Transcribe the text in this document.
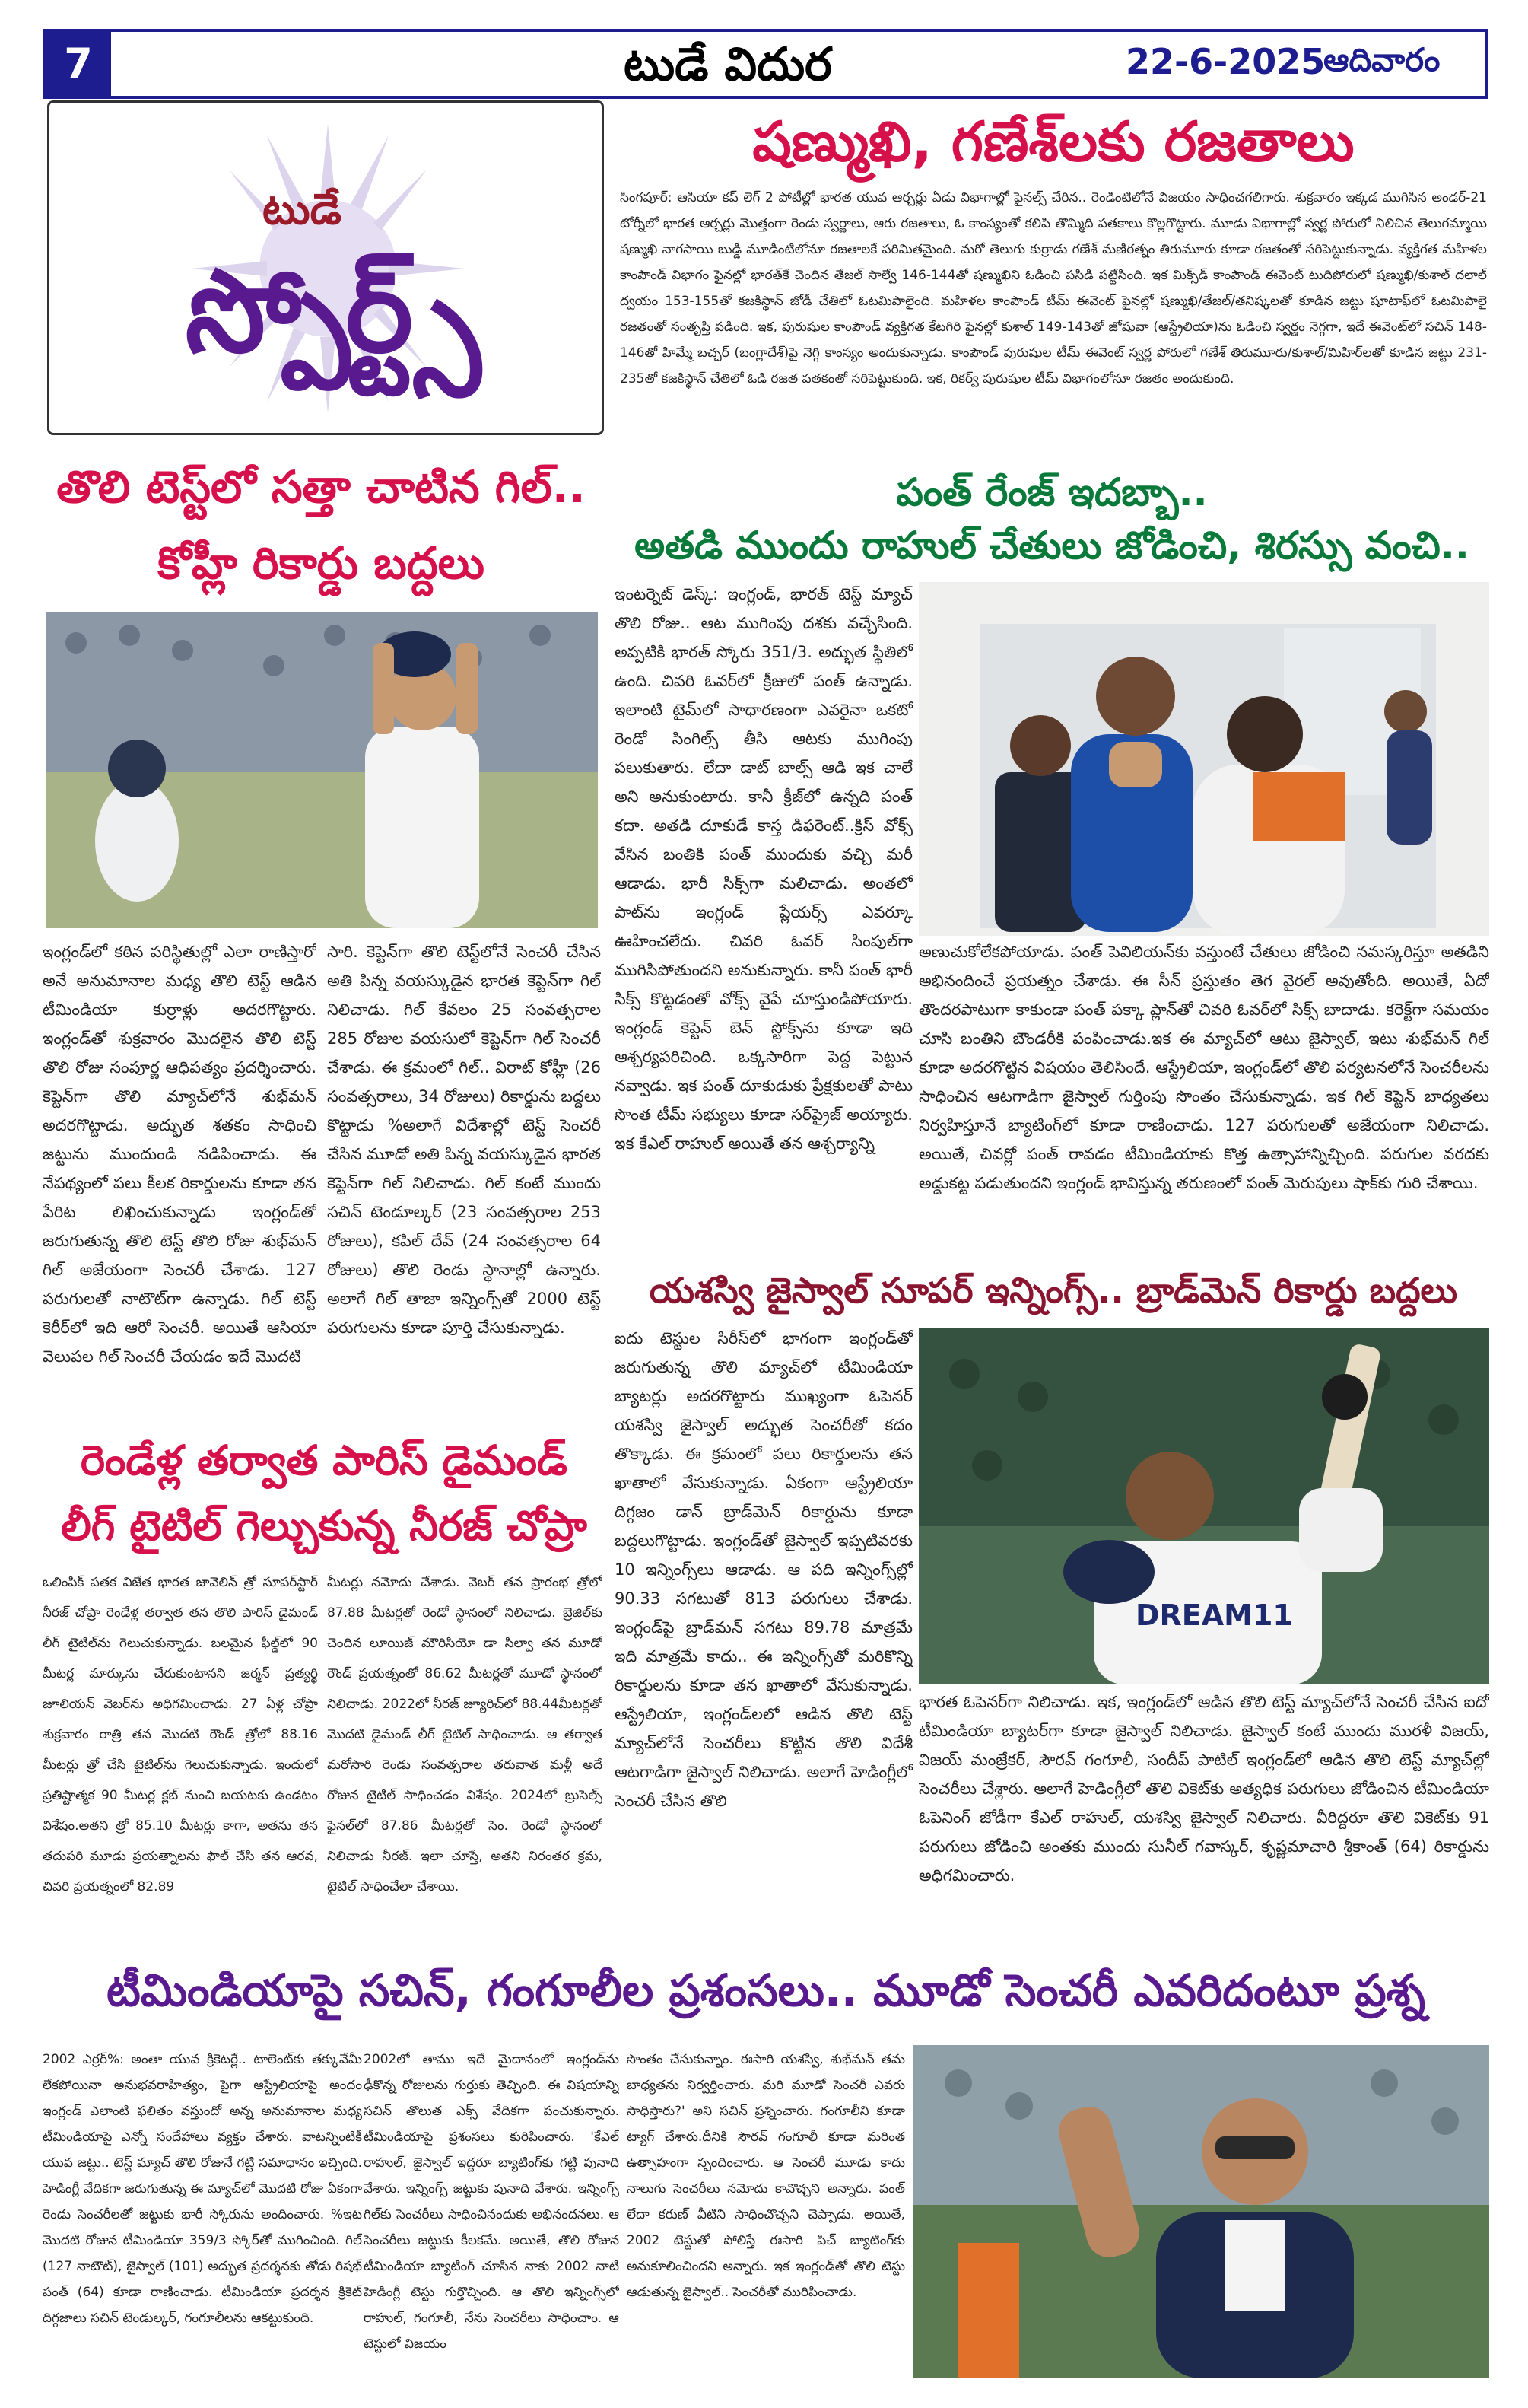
7	టుడే విదుర	22-6-2025
ఆదివారం
టుడే
స్పోర్ట్స్
షణ్ముఖి, గణేశ్‌లకు రజతాలు
సింగపూర్: ఆసియా కప్ లెగ్ 2 పోటీల్లో భారత యువ ఆర్చర్లు ఏడు విభాగాల్లో ఫైనల్స్ చేరిన.. రెండింటిలోనే విజయం సాధించగలిగారు. శుక్రవారం ఇక్కడ ముగిసిన అండర్-21 టోర్నీలో భారత ఆర్చర్లు మొత్తంగా రెండు స్వర్ణాలు, ఆరు రజతాలు, ఓ కాంస్యంతో కలిపి తొమ్మిది పతకాలు కొల్లగొట్టారు. మూడు విభాగాల్లో స్వర్ణ పోరులో నిలిచిన తెలుగమ్మాయి షణ్ముఖి నాగసాయి బుడ్డి మూడింటిలోనూ రజతాలకే పరిమితమైంది. మరో తెలుగు కుర్రాడు గణేశ్ మణిరత్నం తిరుమూరు కూడా రజతంతో సరిపెట్టుకున్నాడు. వ్యక్తిగత మహిళల కాంపౌండ్ విభాగం ఫైనల్లో భారత్‌కే చెందిన తేజల్ సాల్వే 146-144తో షణ్ముఖిని ఓడించి పసిడి పట్టేసింది. ఇక మిక్స్‌డ్ కాంపౌండ్ ఈవెంట్ టుదిపోరులో షణ్ముఖి/కుశాల్ దలాల్ ద్వయం 153-155తో కజకిస్థాన్ జోడీ చేతిలో ఓటమిపాలైంది. మహిళల కాంపౌండ్ టీమ్ ఈవెంట్ ఫైనల్లో షణ్ముఖి/తేజల్/తనిష్కలతో కూడిన జట్టు షూటాఫ్‌లో ఓటమిపాలై రజతంతో సంతృప్తి పడింది. ఇక, పురుషుల కాంపౌండ్ వ్యక్తిగత కేటగిరి ఫైనల్లో కుశాల్ 149-143తో జోషువా (ఆస్ట్రేలియా)ను ఓడించి స్వర్ణం నెగ్గగా, ఇదే ఈవెంట్‌లో సచిన్ 148-146తో హిమ్మే బచ్చర్ (బంగ్లాదేశ్)పై నెగ్గి కాంస్యం అందుకున్నాడు. కాంపౌండ్ పురుషుల టీమ్ ఈవెంట్ స్వర్ణ పోరులో గణేశ్ తిరుమూరు/కుశాల్/మిహిర్‌లతో కూడిన జట్టు 231-235తో కజకిస్థాన్ చేతిలో ఓడి రజత పతకంతో సరిపెట్టుకుంది. ఇక, రికర్వ్ పురుషుల టీమ్ విభాగంలోనూ రజతం అందుకుంది.
తొలి టెస్ట్‌లో సత్తా చాటిన గిల్..
కోహ్లీ రికార్డు బద్దలు
ఇంగ్లండ్‌లో కఠిన పరిస్థితుల్లో ఎలా రాణిస్తారో అనే అనుమానాల మధ్య తొలి టెస్ట్ ఆడిన టీమిండియా కుర్రాళ్లు అదరగొట్టారు. ఇంగ్లండ్‌తో శుక్రవారం మొదలైన తొలి టెస్ట్ తొలి రోజు సంపూర్ణ ఆధిపత్యం ప్రదర్శించారు. కెప్టెన్‌గా తొలి మ్యాచ్‌లోనే శుభ్‌మన్ అదరగొట్టాడు. అద్భుత శతకం సాధించి జట్టును ముందుండి నడిపించాడు. ఈ నేపథ్యంలో పలు కీలక రికార్డులను కూడా తన పేరిట లిఖించుకున్నాడు ఇంగ్లండ్‌తో జరుగుతున్న తొలి టెస్ట్ తొలి రోజు శుభ్‌మన్ గిల్ అజేయంగా సెంచరీ చేశాడు. 127 పరుగులతో నాటౌట్‌గా ఉన్నాడు. గిల్ టెస్ట్ కెరీర్‌లో ఇది ఆరో సెంచరీ. అయితే ఆసియా వెలుపల గిల్ సెంచరీ చేయడం ఇదే మొదటి
సారి. కెప్టెన్‌గా తొలి టెస్ట్‌లోనే సెంచరీ చేసిన అతి పిన్న వయస్కుడైన భారత కెప్టెన్‌గా గిల్ నిలిచాడు. గిల్ కేవలం 25 సంవత్సరాల 285 రోజుల వయసులో కెప్టెన్‌గా గిల్ సెంచరీ చేశాడు. ఈ క్రమంలో గిల్.. విరాట్ కోహ్లీ (26 సంవత్సరాలు, 34 రోజులు) రికార్డును బద్దలు కొట్టాడు %అలాగే విదేశాల్లో టెస్ట్ సెంచరీ చేసిన మూడో అతి పిన్న వయస్కుడైన భారత కెప్టెన్‌గా గిల్ నిలిచాడు. గిల్ కంటే ముందు సచిన్ టెండూల్కర్ (23 సంవత్సరాల 253 రోజులు), కపిల్ దేవ్ (24 సంవత్సరాల 64 రోజులు) తొలి రెండు స్థానాల్లో ఉన్నారు. అలాగే గిల్ తాజా ఇన్నింగ్స్‌తో 2000 టెస్ట్ పరుగులను కూడా పూర్తి చేసుకున్నాడు.
పంత్ రేంజ్ ఇదబ్బా..
అతడి ముందు రాహుల్ చేతులు జోడించి, శిరస్సు వంచి..
ఇంటర్నెట్ డెస్క్: ఇంగ్లండ్, భారత్ టెస్ట్ మ్యాచ్ తొలి రోజు.. ఆట ముగింపు దశకు వచ్చేసింది. అప్పటికి భారత్ స్కోరు 351/3. అద్భుత స్థితిలో ఉంది. చివరి ఓవర్‌లో క్రీజులో పంత్ ఉన్నాడు. ఇలాంటి టైమ్‌లో సాధారణంగా ఎవరైనా ఒకటో రెండో సింగిల్స్ తీసి ఆటకు ముగింపు పలుకుతారు. లేదా డాట్ బాల్స్ ఆడి ఇక చాలే అని అనుకుంటారు. కానీ క్రీజ్‌లో ఉన్నది పంత్ కదా. అతడి దూకుడే కాస్త డిఫరెంట్..క్రిస్ వోక్స్ వేసిన బంతికి పంత్ ముందుకు వచ్చి మరీ ఆడాడు. భారీ సిక్స్‌గా మలిచాడు. అంతలో పాట్‌ను ఇంగ్లండ్ ప్లేయర్స్ ఎవర్కూ ఊహించలేదు. చివరి ఓవర్ సింపుల్‌గా ముగిసిపోతుందని అనుకున్నారు. కానీ పంత్ భారీ సిక్స్ కొట్టడంతో వోక్స్ వైపే చూస్తుండిపోయారు. ఇంగ్లండ్ కెప్టెన్ బెన్ స్టోక్స్‌ను కూడా ఇది ఆశ్చర్యపరిచింది. ఒక్కసారిగా పెద్ద పెట్టున నవ్వాడు. ఇక పంత్ దూకుడుకు ప్రేక్షకులతో పాటు సొంత టీమ్ సభ్యులు కూడా సర్‌ప్రైజ్ అయ్యారు. ఇక కేఎల్ రాహుల్ అయితే తన ఆశ్చర్యాన్ని
అణుచుకోలేకపోయాడు. పంత్ పెవిలియన్‌కు వస్తుంటే చేతులు జోడించి నమస్కరిస్తూ అతడిని అభినందించే ప్రయత్నం చేశాడు. ఈ సీన్ ప్రస్తుతం తెగ వైరల్ అవుతోంది. అయితే, ఏదో తొందరపాటుగా కాకుండా పంత్ పక్కా ప్లాన్‌తో చివరి ఓవర్‌లో సిక్స్ బాదాడు. కరెక్ట్‌గా సమయం చూసి బంతిని బౌండరీకి పంపించాడు.ఇక ఈ మ్యాచ్‌లో ఆటు జైస్వాల్, ఇటు శుభ్‌మన్ గిల్ కూడా అదరగొట్టిన విషయం తెలిసిందే. ఆస్ట్రేలియా, ఇంగ్లండ్‌లో తొలి పర్యటనలోనే సెంచరీలను సాధించిన ఆటగాడిగా జైస్వాల్ గుర్తింపు సొంతం చేసుకున్నాడు. ఇక గిల్ కెప్టెన్ బాధ్యతలు నిర్వహిస్తూనే బ్యాటింగ్‌లో కూడా రాణించాడు. 127 పరుగులతో అజేయంగా నిలిచాడు. అయితే, చివర్లో పంత్ రావడం టీమిండియాకు కొత్త ఉత్సాహాన్నిచ్చింది. పరుగుల వరదకు అడ్డుకట్ట పడుతుందని ఇంగ్లండ్ భావిస్తున్న తరుణంలో పంత్ మెరుపులు షాక్‌కు గురి చేశాయి.
యశస్వి జైస్వాల్ సూపర్ ఇన్నింగ్స్.. బ్రాడ్‌మెన్ రికార్డు బద్దలు
ఐదు టెస్టుల సిరీస్‌లో భాగంగా ఇంగ్లండ్‌తో జరుగుతున్న తొలి మ్యాచ్‌లో టీమిండియా బ్యాటర్లు అదరగొట్టారు ముఖ్యంగా ఓపెనర్ యశస్వి జైస్వాల్ అద్భుత సెంచరీతో కదం తొక్కాడు. ఈ క్రమంలో పలు రికార్డులను తన ఖాతాలో వేసుకున్నాడు. ఏకంగా ఆస్ట్రేలియా దిగ్గజం డాన్ బ్రాడ్‌మెన్ రికార్డును కూడా బద్దలుగొట్టాడు. ఇంగ్లండ్‌తో జైస్వాల్ ఇప్పటివరకు 10 ఇన్నింగ్స్‌లు ఆడాడు. ఆ పది ఇన్నింగ్స్‌ల్లో 90.33 సగటుతో 813 పరుగులు చేశాడు. ఇంగ్లండ్‌పై బ్రాడ్‌మన్ సగటు 89.78 మాత్రమే ఇది మాత్రమే కాదు.. ఈ ఇన్నింగ్స్‌తో మరికొన్ని రికార్డులను కూడా తన ఖాతాలో వేసుకున్నాడు. ఆస్ట్రేలియా, ఇంగ్లండ్‌లలో ఆడిన తొలి టెస్ట్ మ్యాచ్‌లోనే సెంచరీలు కొట్టిన తొలి విదేశీ ఆటగాడిగా జైస్వాల్ నిలిచాడు. అలాగే హెడింగ్లీలో సెంచరీ చేసిన తొలి
DREAM11
భారత ఓపెనర్‌గా నిలిచాడు. ఇక, ఇంగ్లండ్‌లో ఆడిన తొలి టెస్ట్ మ్యాచ్‌లోనే సెంచరీ చేసిన ఐదో టీమిండియా బ్యాటర్‌గా కూడా జైస్వాల్ నిలిచాడు. జైస్వాల్ కంటే ముందు మురళీ విజయ్, విజయ్ మంజ్రేకర్, సౌరవ్ గంగూలీ, సందీప్ పాటిల్ ఇంగ్లండ్‌లో ఆడిన తొలి టెస్ట్ మ్యాచ్‌ల్లో సెంచరీలు చేశ్లారు. అలాగే హెడింగ్లీలో తొలి వికెట్‌కు అత్యధిక పరుగులు జోడించిన టీమిండియా ఓపెనింగ్ జోడీగా కేఎల్ రాహుల్, యశస్వి జైస్వాల్ నిలిచారు. వీరిద్దరూ తొలి వికెట్‌కు 91 పరుగులు జోడించి అంతకు ముందు సునీల్ గవాస్కర్, కృష్ణమాచారి శ్రీకాంత్ (64) రికార్డును అధిగమించారు.
రెండేళ్ల తర్వాత పారిస్ డైమండ్
లీగ్ టైటిల్ గెల్చుకున్న నీరజ్ చోప్రా
ఒలింపిక్ పతక విజేత భారత జావెలిన్ త్రో సూపర్‌స్టార్ నీరజ్ చోప్రా రెండేళ్ల తర్వాత తన తొలి పారిస్ డైమండ్ లీగ్ టైటిల్‌ను గెలుచుకున్నాడు. బలమైన ఫీల్డ్‌లో 90 మీటర్ల మార్కును చేరుకుంటానని జర్మన్ ప్రత్యర్థి జూలియన్ వెబర్‌ను అధిగమించాడు. 27 ఏళ్ల చోప్రా శుక్రవారం రాత్రి తన మొదటి రౌండ్ త్రోలో 88.16 మీటర్లు త్రో చేసి టైటిల్‌ను గెలుచుకున్నాడు. ఇందులో ప్రతిష్టాత్మక 90 మీటర్ల క్లబ్ నుంచి బయటకు ఉండటం విశేషం.అతని త్రో 85.10 మీటర్లు కాగా, అతను తన తదుపరి మూడు ప్రయత్నాలను ఫౌల్ చేసి తన ఆరవ, చివరి ప్రయత్నంలో 82.89
మీటర్లు నమోదు చేశాడు. వెబర్ తన ప్రారంభ త్రోలో 87.88 మీటర్లతో రెండో స్థానంలో నిలిచాడు. బ్రెజిల్‌కు చెందిన లూయిజ్ మౌరిసియో డా సిల్వా తన మూడో రౌండ్ ప్రయత్నంతో 86.62 మీటర్లతో మూడో స్థానంలో నిలిచాడు. 2022లో నీరజ్ జ్యూరిచ్‌లో 88.44మీటర్లతో మొదటి డైమండ్ లీగ్ టైటిల్ సాధించాడు. ఆ తర్వాత మరోసారి రెండు సంవత్సరాల తరువాత మళ్లీ అదే రోజున టైటిల్ సాధించడం విశేషం. 2024లో బ్రుసెల్స్ ఫైనల్‌లో 87.86 మీటర్లతో సెం. రెండో స్థానంలో నిలిచాడు నీరజ్. ఇలా చూస్తే, అతని నిరంతర క్రమ, టైటిల్ సాధించేలా చేశాయి.
టీమిండియాపై సచిన్, గంగూలీల ప్రశంసలు.. మూడో సెంచరీ ఎవరిదంటూ ప్రశ్న
2002 ఎర్రర్%: అంతా యువ క్రికెటర్లే.. టాలెంట్‌కు తక్కువేమీ లేకపోయినా అనుభవరాహిత్యం, పైగా ఆస్ట్రేలియాపై అందం ఇంగ్లండ్ ఎలాంటి ఫలితం వస్తుందో అన్న అనుమానాల మధ్య టీమిండియాపై ఎన్నో సందేహాలు వ్యక్తం చేశారు. వాటన్నింటికీ యువ జట్టు.. టెస్ట్ మ్యాచ్ తొలి రోజునే గట్టి సమాధానం ఇచ్చింది. హెడింగ్లీ వేదికగా జరుగుతున్న ఈ మ్యాచ్‌లో మొదటి రోజు ఏకంగా రెండు సెంచరీలతో జట్టుకు భారీ స్కోరును అందించారు. %ఇట మొదటి రోజున టీమిండియా 359/3 స్కోర్‌తో ముగించింది. గిల్ (127 నాటౌట్), జైస్వాల్ (101) అద్భుత ప్రదర్శనకు తోడు రిషభ్ పంత్ (64) కూడా రాణించాడు. టీమిండియా ప్రదర్శన క్రికెట్ దిగ్గజాలు సచిన్ టెండుల్కర్, గంగూలీలను ఆకట్టుకుంది.
2002లో తాము ఇదే మైదానంలో ఇంగ్లండ్‌ను ఢీకొన్న రోజులను గుర్తుకు తెచ్చింది. ఈ విషయాన్ని సచిన్ తొలుత ఎక్స్ వేదికగా పంచుకున్నారు. టీమిండియాపై ప్రశంసలు కురిపించారు. 'కేఎల్ రాహుల్, జైస్వాల్ ఇద్దరూ బ్యాటింగ్‌కు గట్టి పునాది వేశారు. ఇన్నింగ్స్ జట్టుకు పునాది వేశారు. ఇన్నింగ్స్ గిల్‌కు సెంచరీలు సాధించినందుకు అభినందనలు. ఆ సెంచరీలు జట్టుకు కీలకమే. అయితే, తొలి రోజున టీమిండియా బ్యాటింగ్ చూసిన నాకు 2002 నాటి హెడింగ్లీ టెస్టు గుర్తొచ్చింది. ఆ తొలి ఇన్నింగ్స్‌లో రాహుల్, గంగూలీ, నేను సెంచరీలు సాధించాం. ఆ టెస్టులో విజయం
సొంతం చేసుకున్నాం. ఈసారి యశస్వి, శుభ్‌మన్ తమ బాధ్యతను నిర్వర్తించారు. మరి మూడో సెంచరీ ఎవరు సాధిస్తారు?' అని సచిన్ ప్రశ్నించారు. గంగూలీని కూడా ట్యాగ్ చేశారు.దీనికి సౌరవ్ గంగూలీ కూడా మరింత ఉత్సాహంగా స్పందించారు. ఆ సెంచరీ మూడు కాదు నాలుగు సెంచరీలు నమోదు కావొచ్చని అన్నారు. పంత్ లేదా కరుణ్ వీటిని సాధించొచ్చని చెప్పాడు. అయితే, 2002 టెస్టుతో పోలిస్తే ఈసారి పిచ్ బ్యాటింగ్‌కు అనుకూలించిందని అన్నారు. ఇక ఇంగ్లండ్‌తో తొలి టెస్టు ఆడుతున్న జైస్వాల్.. సెంచరీతో మురిపించాడు.
